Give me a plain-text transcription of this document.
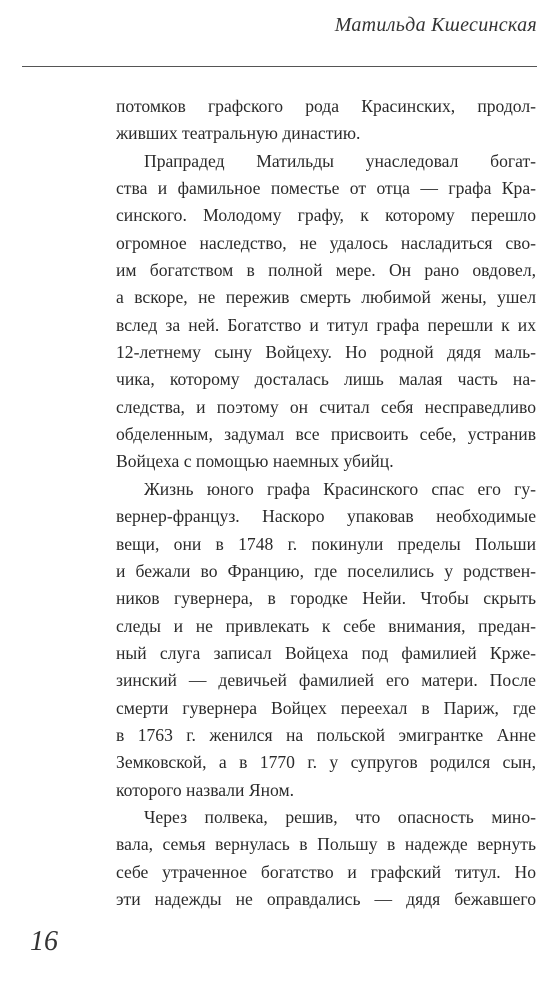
Матильда Кшесинская
потомков графского рода Красинских, продол-
живших театральную династию.
Прапрадед Матильды унаследовал богат-
ства и фамильное поместье от отца — графа Кра-
синского. Молодому графу, к которому перешло
огромное наследство, не удалось насладиться сво-
им богатством в полной мере. Он рано овдовел,
а вскоре, не пережив смерть любимой жены, ушел
вслед за ней. Богатство и титул графа перешли к их
12-летнему сыну Войцеху. Но родной дядя маль-
чика, которому досталась лишь малая часть на-
следства, и поэтому он считал себя несправедливо
обделенным, задумал все присвоить себе, устранив
Войцеха с помощью наемных убийц.
Жизнь юного графа Красинского спас его гу-
вернер-француз. Наскоро упаковав необходимые
вещи, они в 1748 г. покинули пределы Польши
и бежали во Францию, где поселились у родствен-
ников гувернера, в городке Нейи. Чтобы скрыть
следы и не привлекать к себе внимания, предан-
ный слуга записал Войцеха под фамилией Крже-
зинский — девичьей фамилией его матери. После
смерти гувернера Войцех переехал в Париж, где
в 1763 г. женился на польской эмигрантке Анне
Земковской, а в 1770 г. у супругов родился сын,
которого назвали Яном.
Через полвека, решив, что опасность мино-
вала, семья вернулась в Польшу в надежде вернуть
себе утраченное богатство и графский титул. Но
эти надежды не оправдались — дядя бежавшего
16
